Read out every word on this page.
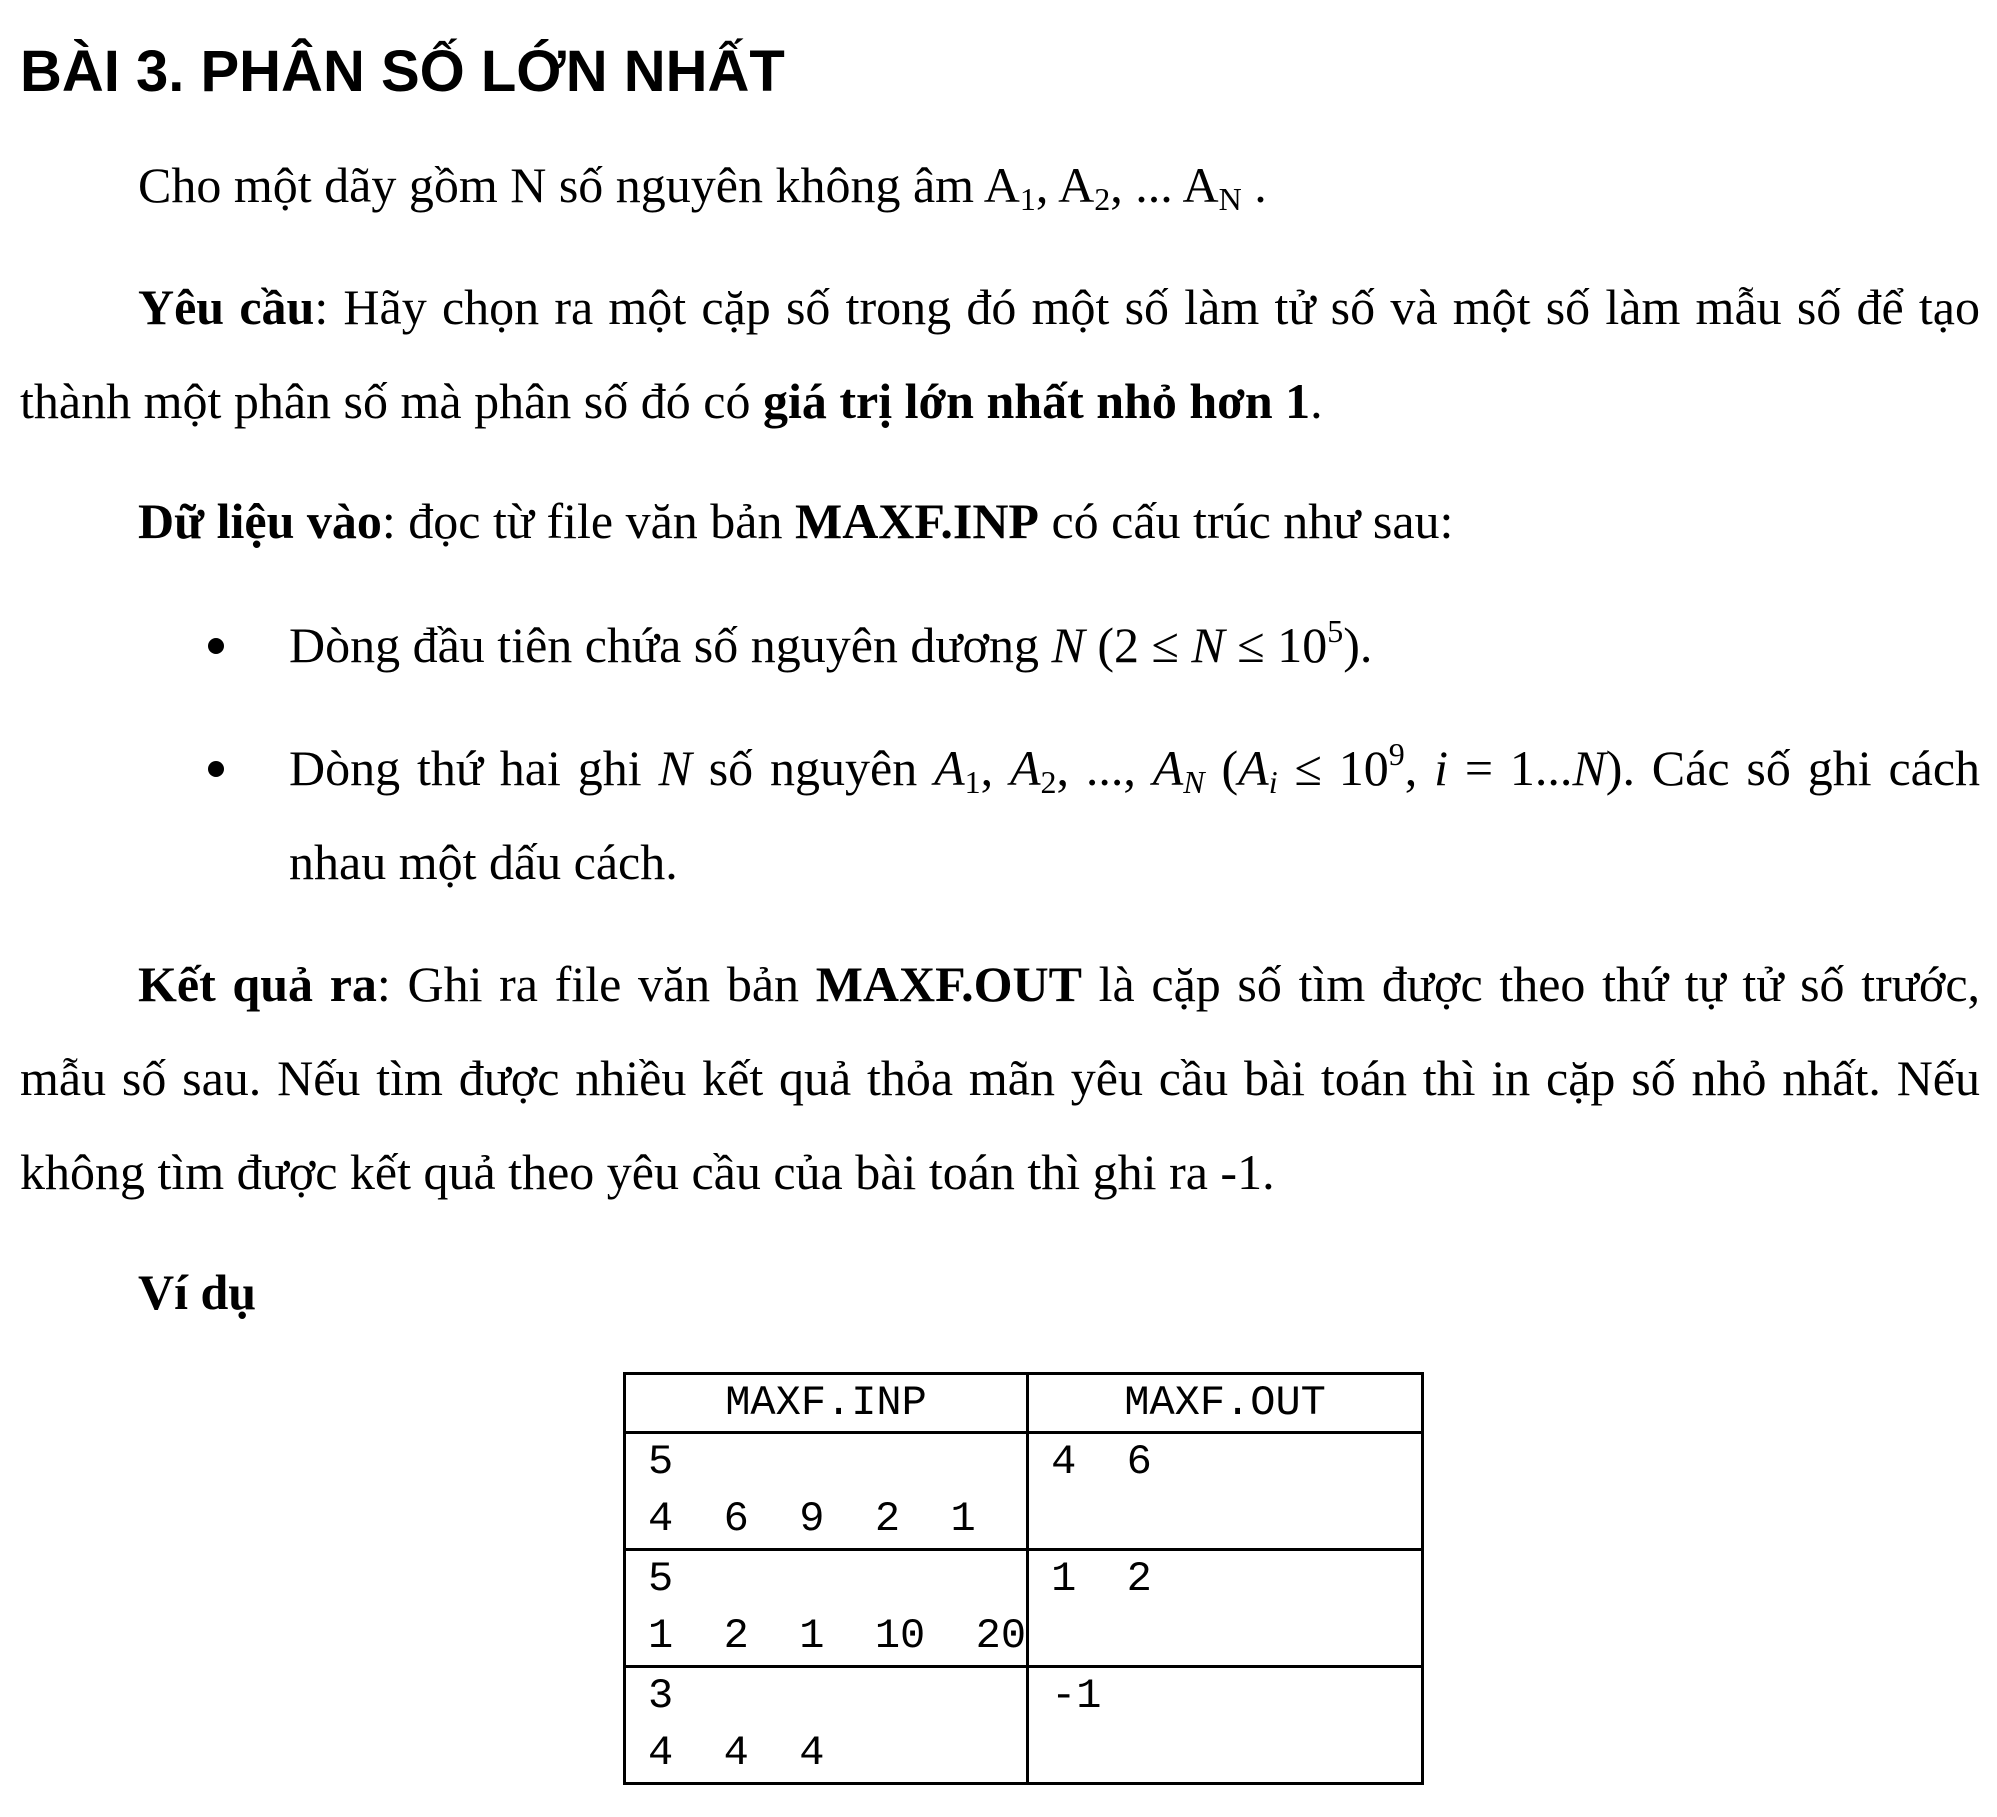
BÀI 3. PHÂN SỐ LỚN NHẤT

Cho một dãy gồm N số nguyên không âm $A_1$, $A_2$, ... $A_N$ .

Yêu cầu: Hãy chọn ra một cặp số trong đó một số làm tử số và một số làm mẫu số để tạo thành một phân số mà phân số đó có giá trị lớn nhất nhỏ hơn 1.

Dữ liệu vào: đọc từ file văn bản MAXF.INP có cấu trúc như sau:

Dòng đầu tiên chứa số nguyên dương N $(2 \le N \le 10^5)$.

Dòng thứ hai ghi N số nguyên $A_1$, $A_2$, ..., $A_N$ ($A_i \le 10^9$, i = 1...N). Các số ghi cách nhau một dấu cách.

Kết quả ra: Ghi ra file văn bản MAXF.OUT là cặp số tìm được theo thứ tự tử số trước, mẫu số sau. Nếu tìm được nhiều kết quả thỏa mãn yêu cầu bài toán thì in cặp số nhỏ nhất. Nếu không tìm được kết quả theo yêu cầu của bài toán thì ghi ra -1.

Ví dụ

MAXF.INP	MAXF.OUT

5
4  6  9  2  1	4  6

5
1  2  1  10  20	1  2

3
4  4  4	-1
